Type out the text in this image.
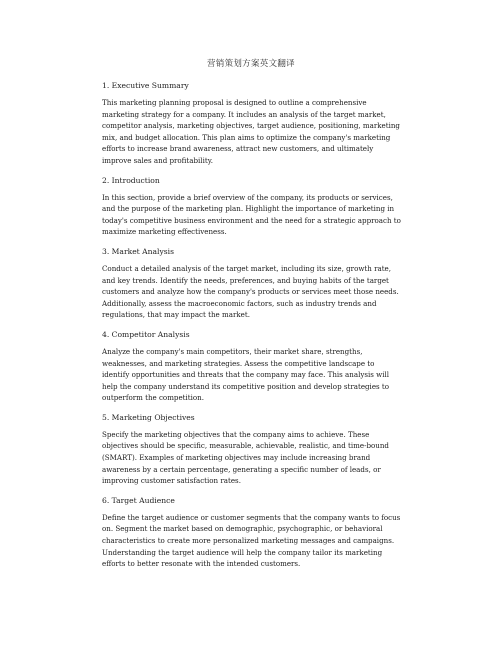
营销策划方案英文翻译
1. Executive Summary

This marketing planning proposal is designed to outline a comprehensive marketing strategy for a company. It includes an analysis of the target market, competitor analysis, marketing objectives, target audience, positioning, marketing mix, and budget allocation. This plan aims to optimize the company's marketing efforts to increase brand awareness, attract new customers, and ultimately improve sales and profitability.

2. Introduction

In this section, provide a brief overview of the company, its products or services, and the purpose of the marketing plan. Highlight the importance of marketing in today's competitive business environment and the need for a strategic approach to maximize marketing effectiveness.

3. Market Analysis

Conduct a detailed analysis of the target market, including its size, growth rate, and key trends. Identify the needs, preferences, and buying habits of the target customers and analyze how the company's products or services meet those needs. Additionally, assess the macroeconomic factors, such as industry trends and regulations, that may impact the market.

4. Competitor Analysis

Analyze the company's main competitors, their market share, strengths, weaknesses, and marketing strategies. Assess the competitive landscape to identify opportunities and threats that the company may face. This analysis will help the company understand its competitive position and develop strategies to outperform the competition.

5. Marketing Objectives

Specify the marketing objectives that the company aims to achieve. These objectives should be specific, measurable, achievable, realistic, and time-bound (SMART). Examples of marketing objectives may include increasing brand awareness by a certain percentage, generating a specific number of leads, or improving customer satisfaction rates.

6. Target Audience

Define the target audience or customer segments that the company wants to focus on. Segment the market based on demographic, psychographic, or behavioral characteristics to create more personalized marketing messages and campaigns. Understanding the target audience will help the company tailor its marketing efforts to better resonate with the intended customers.
